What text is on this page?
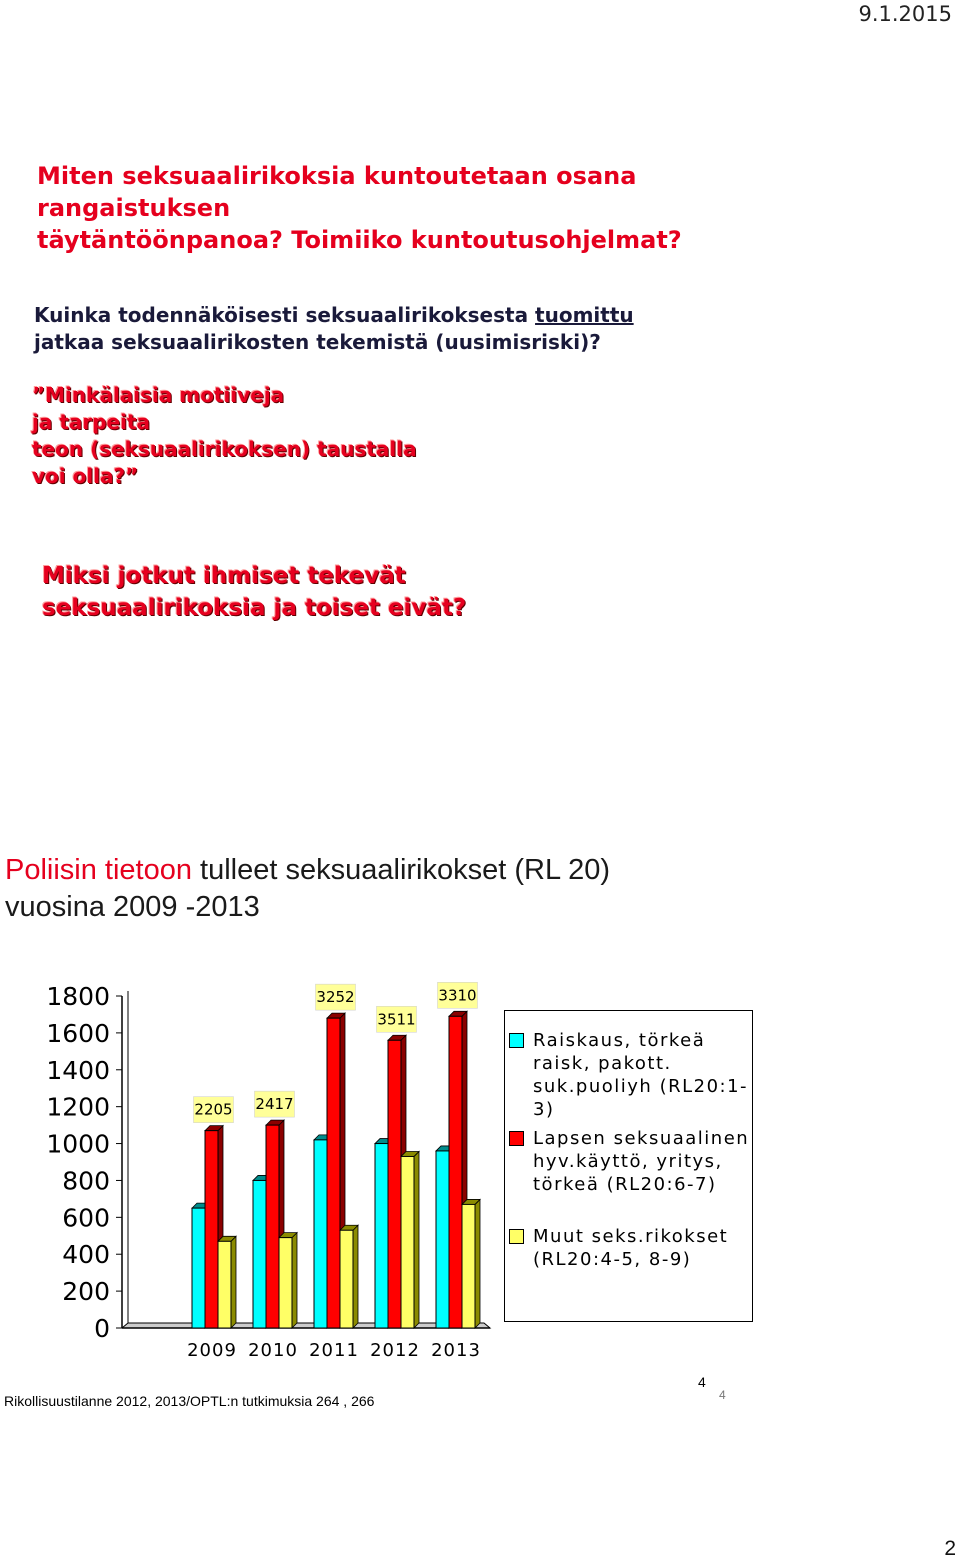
9.1.2015
Miten seksuaalirikoksia kuntoutetaan osana
rangaistuksen
täytäntöönpanoa? Toimiiko kuntoutusohjelmat?
Kuinka todennäköisesti seksuaalirikoksesta tuomittu
jatkaa seksuaalirikosten tekemistä (uusimisriski)?
”Minkälaisia motiiveja
ja tarpeita
teon (seksuaalirikoksen) taustalla
voi olla?”
Miksi jotkut ihmiset tekevät
seksuaalirikoksia ja toiset eivät?
Poliisin tietoon tulleet seksuaalirikokset (RL 20)
vuosina 2009 -2013
0
200
400
600
800
1000
1200
1400
1600
1800
2009
2205
2010
2417
2011
3252
2012
3511
2013
3310
Raiskaus, törkeä raisk, pakott. suk.puoliyh (RL20:1-3)
Lapsen seksuaalinen hyv.käyttö, yritys, törkeä (RL20:6-7)
Muut seks.rikokset (RL20:4-5, 8-9)
Rikollisuustilanne 2012, 2013/OPTL:n tutkimuksia 264 , 266
4
4
2
